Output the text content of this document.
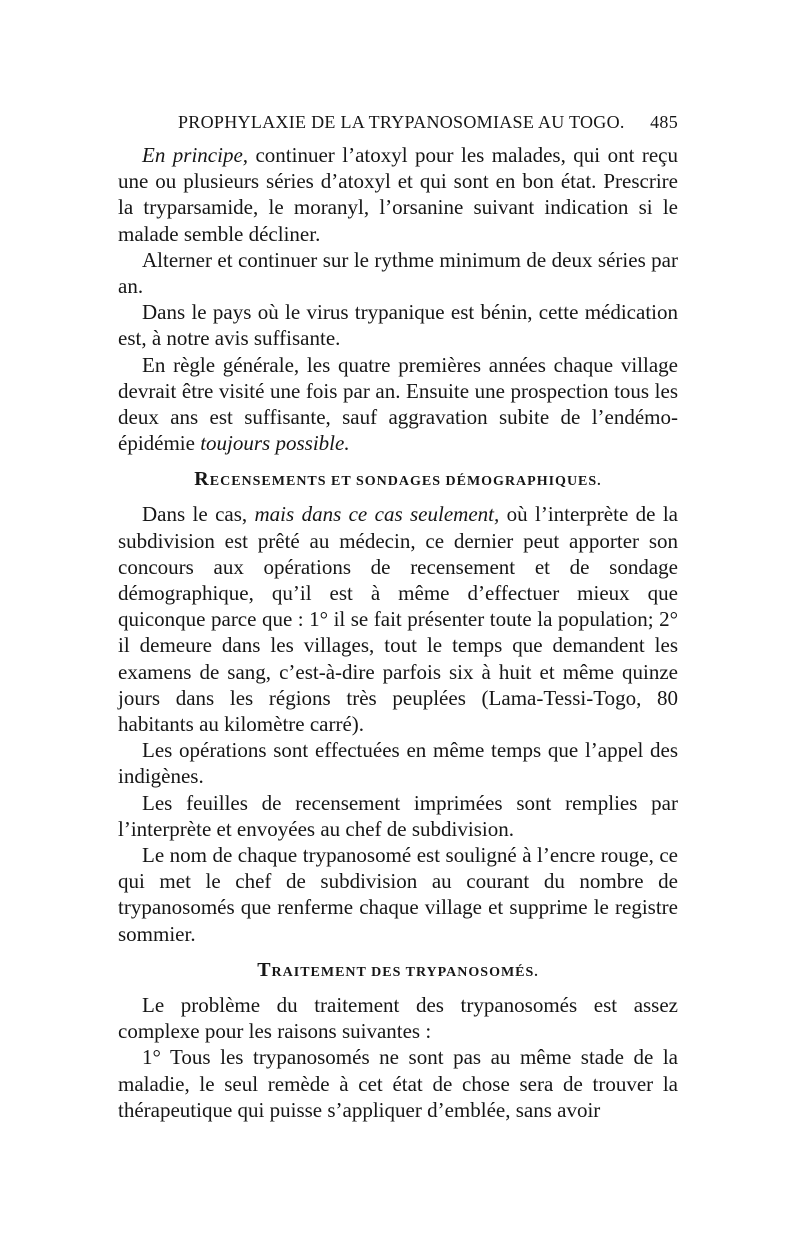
PROPHYLAXIE DE LA TRYPANOSOMIASE AU TOGO. 485

En principe, continuer l’atoxyl pour les malades, qui ont reçu une ou plusieurs séries d’atoxyl et qui sont en bon état. Prescrire la tryparsamide, le moranyl, l’orsanine suivant indication si le malade semble décliner.

Alterner et continuer sur le rythme minimum de deux séries par an.

Dans le pays où le virus trypanique est bénin, cette médication est, à notre avis suffisante.

En règle générale, les quatre premières années chaque village devrait être visité une fois par an. Ensuite une prospection tous les deux ans est suffisante, sauf aggravation subite de l’endémo-épidémie toujours possible.

RECENSEMENTS ET SONDAGES DÉMOGRAPHIQUES.

Dans le cas, mais dans ce cas seulement, où l’interprète de la subdivision est prêté au médecin, ce dernier peut apporter son concours aux opérations de recensement et de sondage démographique, qu’il est à même d’effectuer mieux que quiconque parce que : 1° il se fait présenter toute la population; 2° il demeure dans les villages, tout le temps que demandent les examens de sang, c’est-à-dire parfois six à huit et même quinze jours dans les régions très peuplées (Lama-Tessi-Togo, 80 habitants au kilomètre carré).

Les opérations sont effectuées en même temps que l’appel des indigènes.

Les feuilles de recensement imprimées sont remplies par l’interprète et envoyées au chef de subdivision.

Le nom de chaque trypanosomé est souligné à l’encre rouge, ce qui met le chef de subdivision au courant du nombre de trypanosomés que renferme chaque village et supprime le registre sommier.

TRAITEMENT DES TRYPANOSOMÉS.

Le problème du traitement des trypanosomés est assez complexe pour les raisons suivantes :

1° Tous les trypanosomés ne sont pas au même stade de la maladie, le seul remède à cet état de chose sera de trouver la thérapeutique qui puisse s’appliquer d’emblée, sans avoir
